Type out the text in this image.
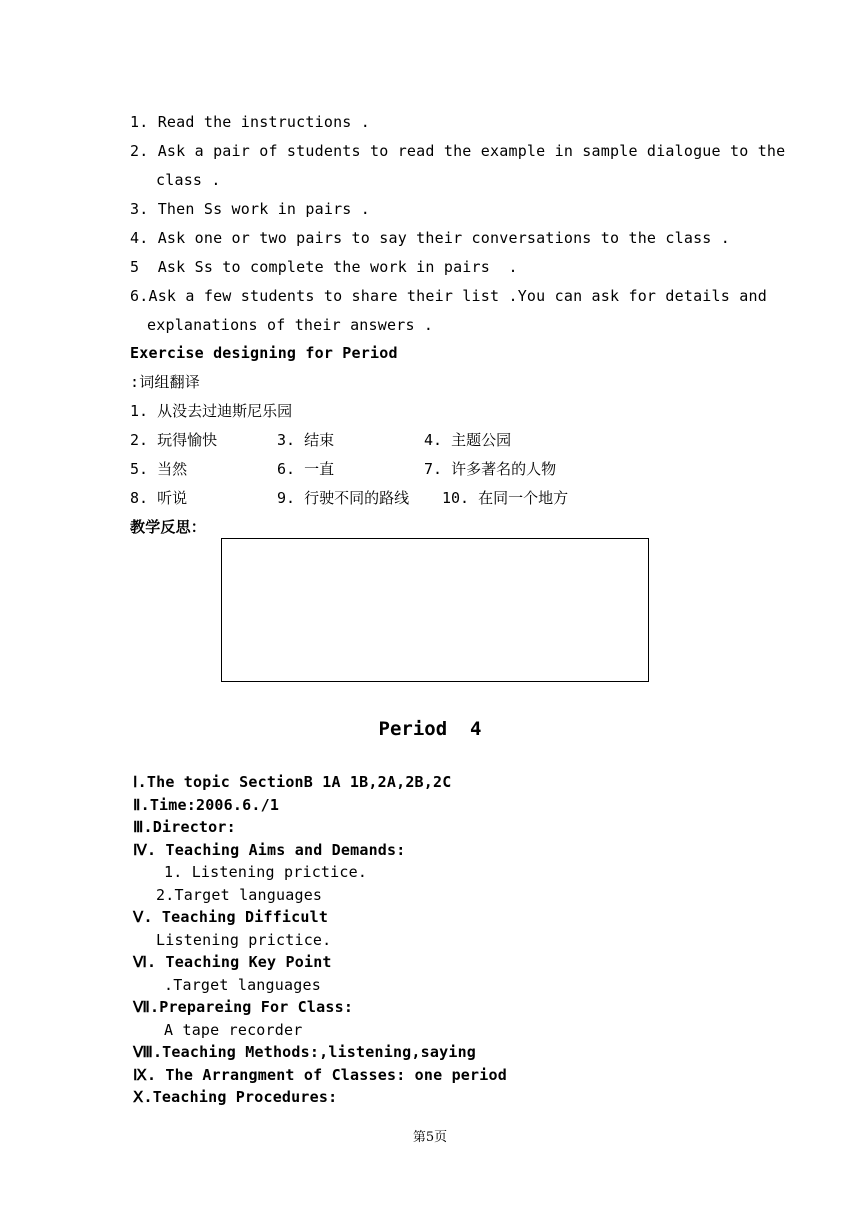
1. Read the instructions .
2. Ask a pair of students to read the example in sample dialogue to the
class .
3. Then Ss work in pairs .
4. Ask one or two pairs to say their conversations to the class .
5  Ask Ss to complete the work in pairs  .
6.Ask a few students to share their list .You can ask for details and
explanations of their answers .
Exercise designing for Period
:词组翻译
1. 从没去过迪斯尼乐园
2. 玩得愉快	3. 结束	4. 主题公园
5. 当然	6. 一直	7. 许多著名的人物
8. 听说	9. 行驶不同的路线 10. 在同一个地方
教学反思：
Period  4
Ⅰ.The topic SectionB 1A 1B,2A,2B,2C
Ⅱ.Time:2006.6./1
Ⅲ.Director:
Ⅳ. Teaching Aims and Demands:
1. Listening prictice.
2.Target languages
Ⅴ. Teaching Difficult
Listening prictice.
Ⅵ. Teaching Key Point
.Target languages
Ⅶ.Prepareing For Class:
A tape recorder
Ⅷ.Teaching Methods:,listening,saying
Ⅸ. The Arrangment of Classes: one period
Ⅹ.Teaching Procedures:
第5页
